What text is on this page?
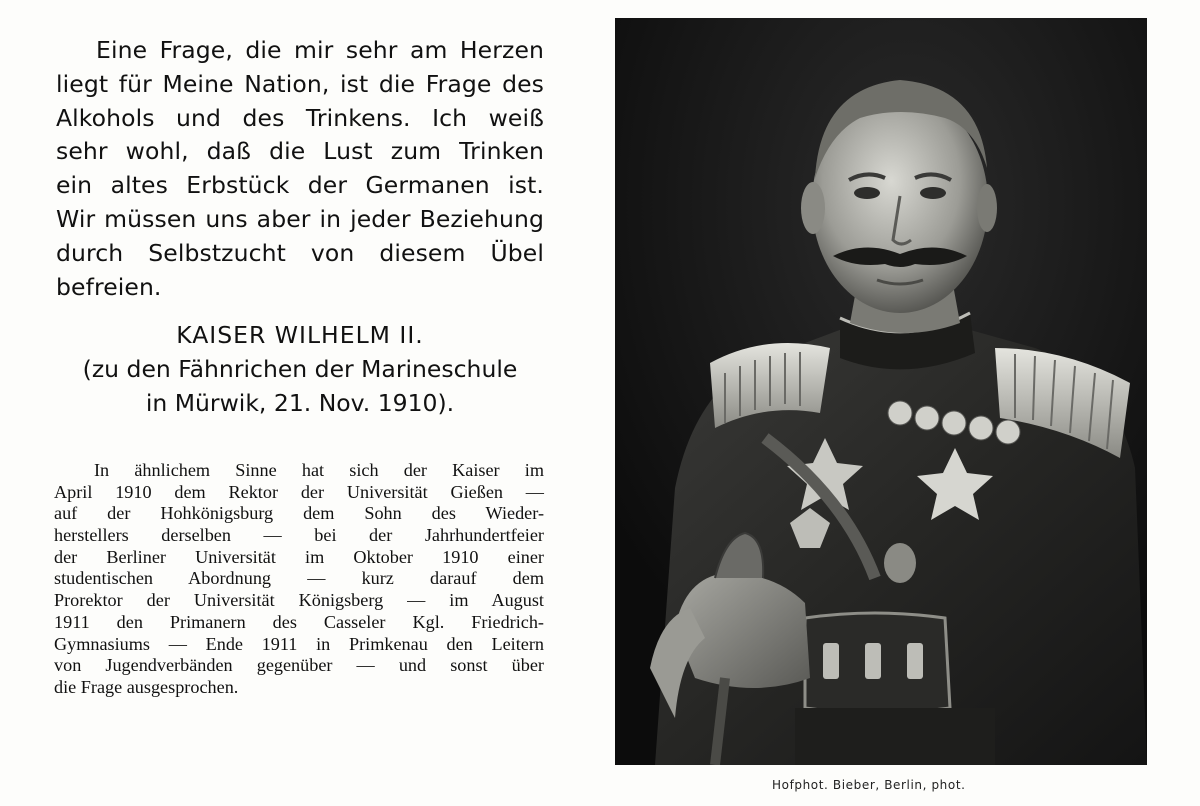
Eine Frage, die mir sehr am Herzen
liegt für Meine Nation, ist die Frage des
Alkohols und des Trinkens. Ich weiß
sehr wohl, daß die Lust zum Trinken
ein altes Erbstück der Germanen ist.
Wir müssen uns aber in jeder Beziehung
durch Selbstzucht von diesem Übel
befreien.
KAISER WILHELM II.
(zu den Fähnrichen der Marineschule
in Mürwik, 21. Nov. 1910).
In ähnlichem Sinne hat sich der Kaiser im
April 1910 dem Rektor der Universität Gießen —
auf der Hohkönigsburg dem Sohn des Wieder-
herstellers derselben — bei der Jahrhundertfeier
der Berliner Universität im Oktober 1910 einer
studentischen Abordnung — kurz darauf dem
Prorektor der Universität Königsberg — im August
1911 den Primanern des Casseler Kgl. Friedrich-
Gymnasiums — Ende 1911 in Primkenau den Leitern
von Jugendverbänden gegenüber — und sonst über
die Frage ausgesprochen.
Hofphot. Bieber, Berlin, phot.
